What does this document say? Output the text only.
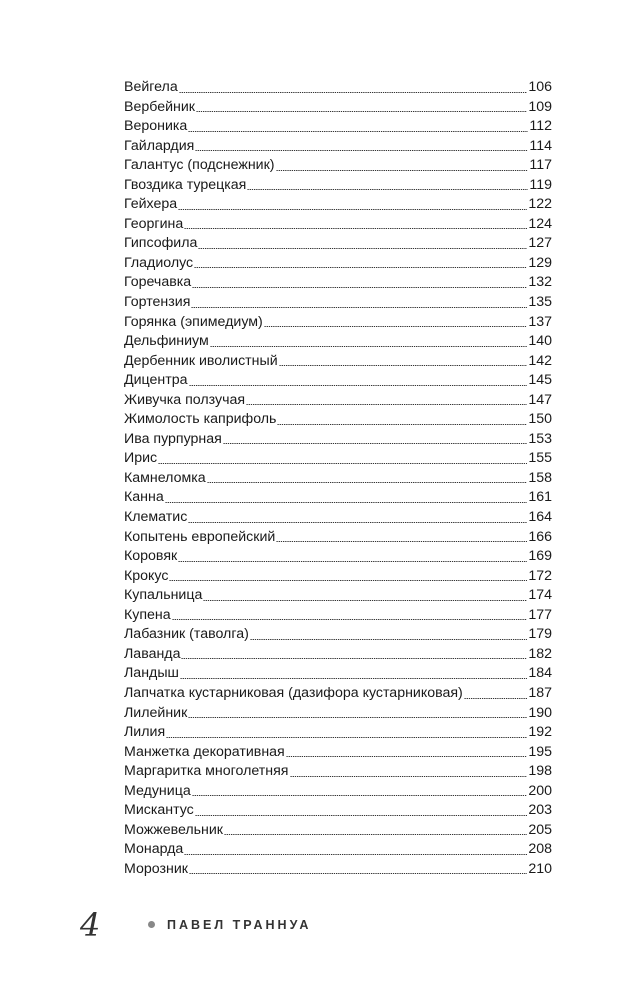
Вейгела	106
Вербейник	109
Вероника	112
Гайлардия	114
Галантус (подснежник)	117
Гвоздика турецкая	119
Гейхера	122
Георгина	124
Гипсофила	127
Гладиолус	129
Горечавка	132
Гортензия	135
Горянка (эпимедиум)	137
Дельфиниум	140
Дербенник иволистный	142
Дицентра	145
Живучка ползучая	147
Жимолость каприфоль	150
Ива пурпурная	153
Ирис	155
Камнеломка	158
Канна	161
Клематис	164
Копытень европейский	166
Коровяк	169
Крокус	172
Купальница	174
Купена	177
Лабазник (таволга)	179
Лаванда	182
Ландыш	184
Лапчатка кустарниковая (дазифора кустарниковая)	187
Лилейник	190
Лилия	192
Манжетка декоративная	195
Маргаритка многолетняя	198
Медуница	200
Мискантус	203
Можжевельник	205
Монарда	208
Морозник	210
4	ПАВЕЛ ТРАННУА
